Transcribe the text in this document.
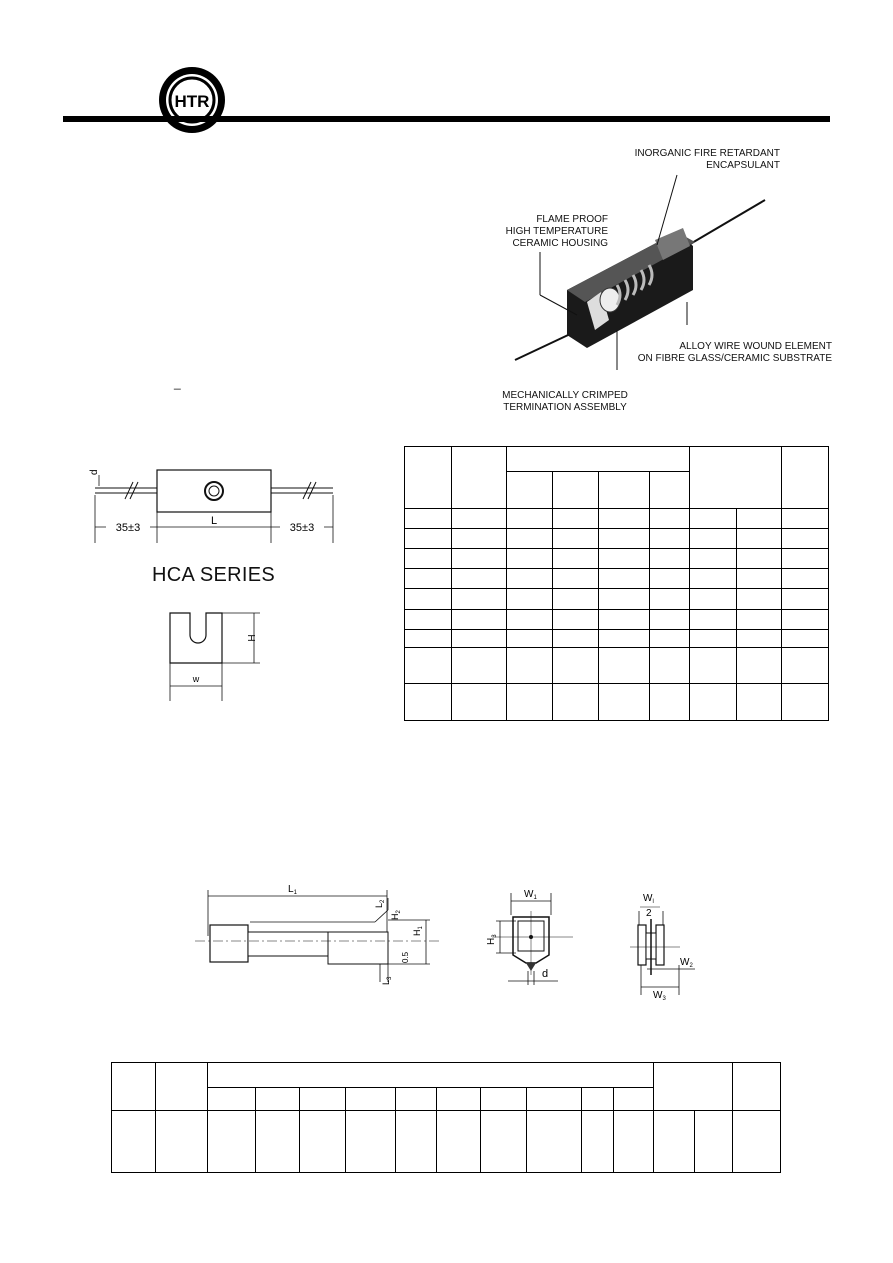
HTR
INORGANIC FIRE RETARDANT
ENCAPSULANT
FLAME PROOF
HIGH TEMPERATURE
CERAMIC HOUSING
ALLOY WIRE WOUND ELEMENT
ON FIBRE GLASS/CERAMIC SUBSTRATE
MECHANICALLY CRIMPED
TERMINATION ASSEMBLY
_
d
35±3
L
35±3
HCA SERIES
H
w

$L_1$
$L_2$
$H_2$
$H_1$
0.5
$L_3$
$W_1$
$H_3$
d
$W_l$
2
$W_2$
$W_3$
